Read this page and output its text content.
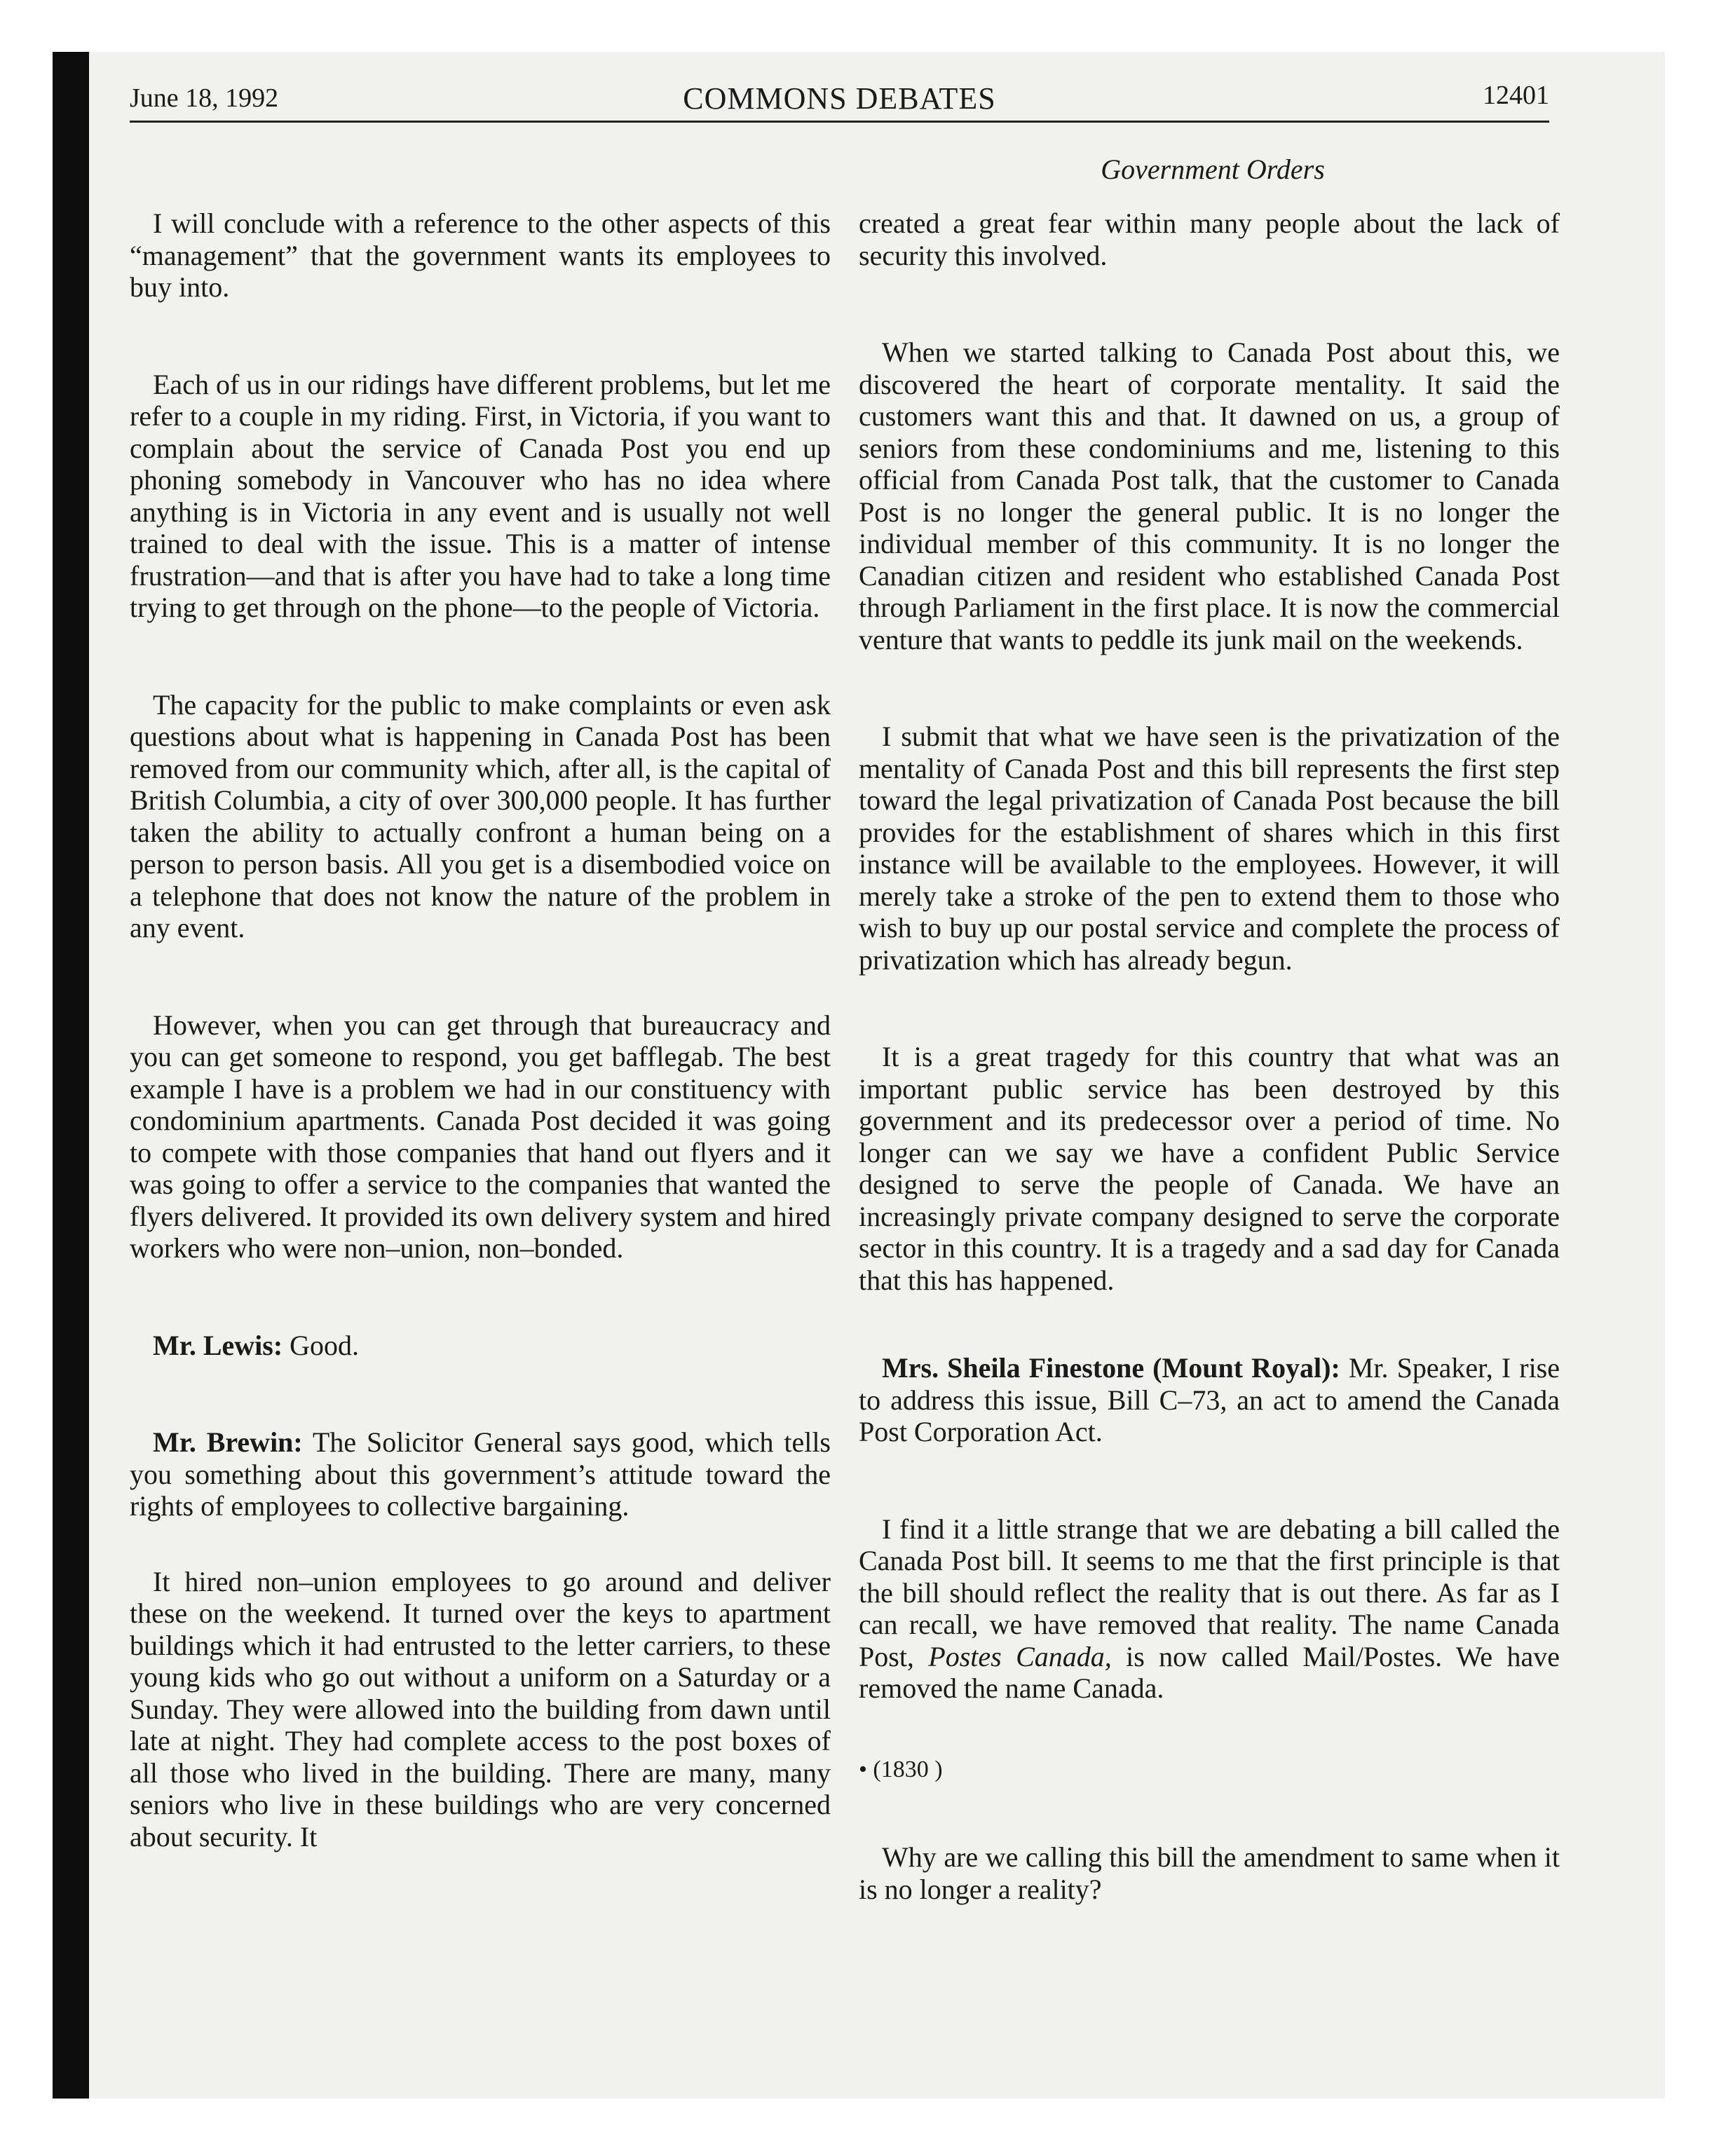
June 18, 1992	COMMONS DEBATES	12401
Government Orders

I will conclude with a reference to the other aspects of this “management” that the government wants its employees to buy into.

Each of us in our ridings have different problems, but let me refer to a couple in my riding. First, in Victoria, if you want to complain about the service of Canada Post you end up phoning somebody in Vancouver who has no idea where anything is in Victoria in any event and is usually not well trained to deal with the issue. This is a matter of intense frustration—and that is after you have had to take a long time trying to get through on the phone—to the people of Victoria.

The capacity for the public to make complaints or even ask questions about what is happening in Canada Post has been removed from our community which, after all, is the capital of British Columbia, a city of over 300,000 people. It has further taken the ability to actually confront a human being on a person to person basis. All you get is a disembodied voice on a telephone that does not know the nature of the problem in any event.

However, when you can get through that bureaucracy and you can get someone to respond, you get bafflegab. The best example I have is a problem we had in our constituency with condominium apartments. Canada Post decided it was going to compete with those companies that hand out flyers and it was going to offer a service to the companies that wanted the flyers delivered. It provided its own delivery system and hired workers who were non–union, non–bonded.

Mr. Lewis: Good.

Mr. Brewin: The Solicitor General says good, which tells you something about this government’s attitude toward the rights of employees to collective bargaining.

It hired non–union employees to go around and deliver these on the weekend. It turned over the keys to apartment buildings which it had entrusted to the letter carriers, to these young kids who go out without a uniform on a Saturday or a Sunday. They were allowed into the building from dawn until late at night. They had complete access to the post boxes of all those who lived in the building. There are many, many seniors who live in these buildings who are very concerned about security. It

created a great fear within many people about the lack of security this involved.

When we started talking to Canada Post about this, we discovered the heart of corporate mentality. It said the customers want this and that. It dawned on us, a group of seniors from these condominiums and me, listening to this official from Canada Post talk, that the customer to Canada Post is no longer the general public. It is no longer the individual member of this community. It is no longer the Canadian citizen and resident who established Canada Post through Parliament in the first place. It is now the commercial venture that wants to peddle its junk mail on the weekends.

I submit that what we have seen is the privatization of the mentality of Canada Post and this bill represents the first step toward the legal privatization of Canada Post because the bill provides for the establishment of shares which in this first instance will be available to the employees. However, it will merely take a stroke of the pen to extend them to those who wish to buy up our postal service and complete the process of privatization which has already begun.

It is a great tragedy for this country that what was an important public service has been destroyed by this government and its predecessor over a period of time. No longer can we say we have a confident Public Service designed to serve the people of Canada. We have an increasingly private company designed to serve the corporate sector in this country. It is a tragedy and a sad day for Canada that this has happened.

Mrs. Sheila Finestone (Mount Royal): Mr. Speaker, I rise to address this issue, Bill C–73, an act to amend the Canada Post Corporation Act.

I find it a little strange that we are debating a bill called the Canada Post bill. It seems to me that the first principle is that the bill should reflect the reality that is out there. As far as I can recall, we have removed that reality. The name Canada Post, Postes Canada, is now called Mail/Postes. We have removed the name Canada.

• (1830 )

Why are we calling this bill the amendment to same when it is no longer a reality?
